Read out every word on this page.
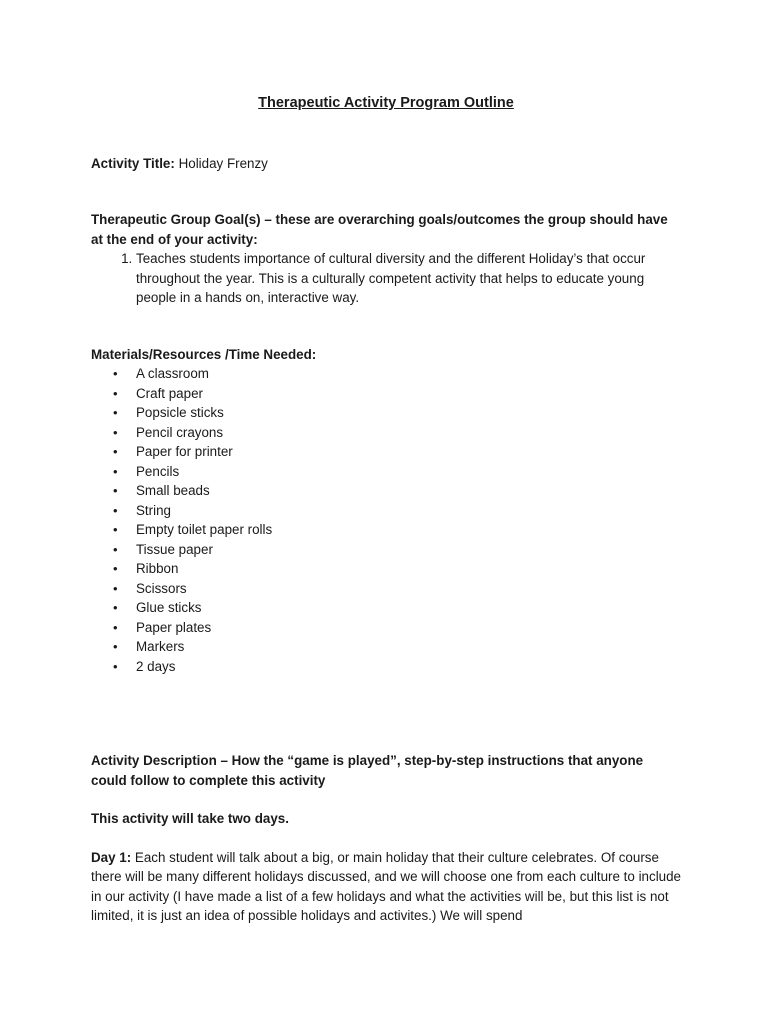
Therapeutic Activity Program Outline

Activity Title: Holiday Frenzy

Therapeutic Group Goal(s) – these are overarching goals/outcomes the group should have at the end of your activity:

1. Teaches students importance of cultural diversity and the different Holiday’s that occur throughout the year. This is a culturally competent activity that helps to educate young people in a hands on, interactive way.

Materials/Resources /Time Needed:

• A classroom
• Craft paper
• Popsicle sticks
• Pencil crayons
• Paper for printer
• Pencils
• Small beads
• String
• Empty toilet paper rolls
• Tissue paper
• Ribbon
• Scissors
• Glue sticks
• Paper plates
• Markers
• 2 days

Activity Description – How the “game is played”, step-by-step instructions that anyone could follow to complete this activity

This activity will take two days.

Day 1: Each student will talk about a big, or main holiday that their culture celebrates. Of course there will be many different holidays discussed, and we will choose one from each culture to include in our activity (I have made a list of a few holidays and what the activities will be, but this list is not limited, it is just an idea of possible holidays and activites.) We will spend
